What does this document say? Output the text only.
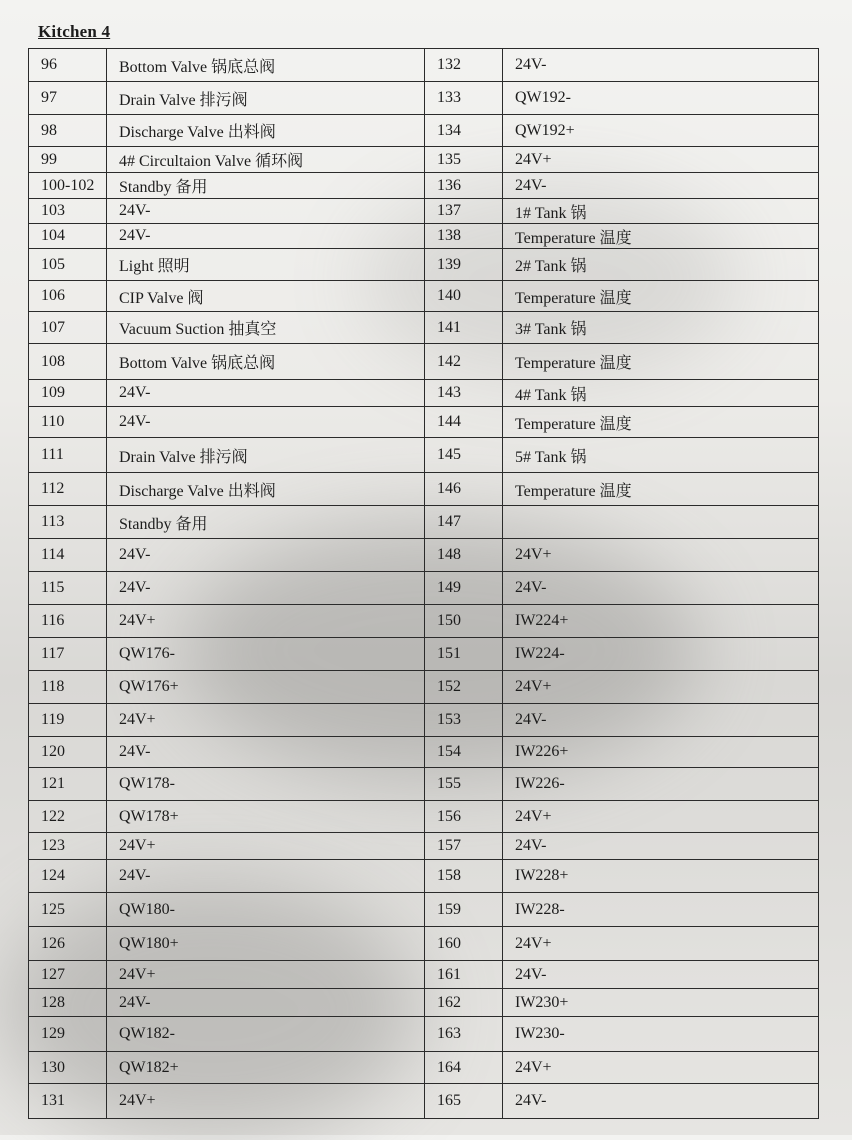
Kitchen 4
96	Bottom Valve 锅底总阀	132	24V-
97	Drain Valve 排污阀	133	QW192-
98	Discharge Valve 出料阀	134	QW192+
99	4# Circultaion Valve 循环阀	135	24V+
100-102	Standby 备用	136	24V-
103	24V-	137	1# Tank 锅
104	24V-	138	Temperature 温度
105	Light 照明	139	2# Tank 锅
106	CIP Valve 阀	140	Temperature 温度
107	Vacuum Suction 抽真空	141	3# Tank 锅
108	Bottom Valve 锅底总阀	142	Temperature 温度
109	24V-	143	4# Tank 锅
110	24V-	144	Temperature 温度
111	Drain Valve 排污阀	145	5# Tank 锅
112	Discharge Valve 出料阀	146	Temperature 温度
113	Standby 备用	147	
114	24V-	148	24V+
115	24V-	149	24V-
116	24V+	150	IW224+
117	QW176-	151	IW224-
118	QW176+	152	24V+
119	24V+	153	24V-
120	24V-	154	IW226+
121	QW178-	155	IW226-
122	QW178+	156	24V+
123	24V+	157	24V-
124	24V-	158	IW228+
125	QW180-	159	IW228-
126	QW180+	160	24V+
127	24V+	161	24V-
128	24V-	162	IW230+
129	QW182-	163	IW230-
130	QW182+	164	24V+
131	24V+	165	24V-
